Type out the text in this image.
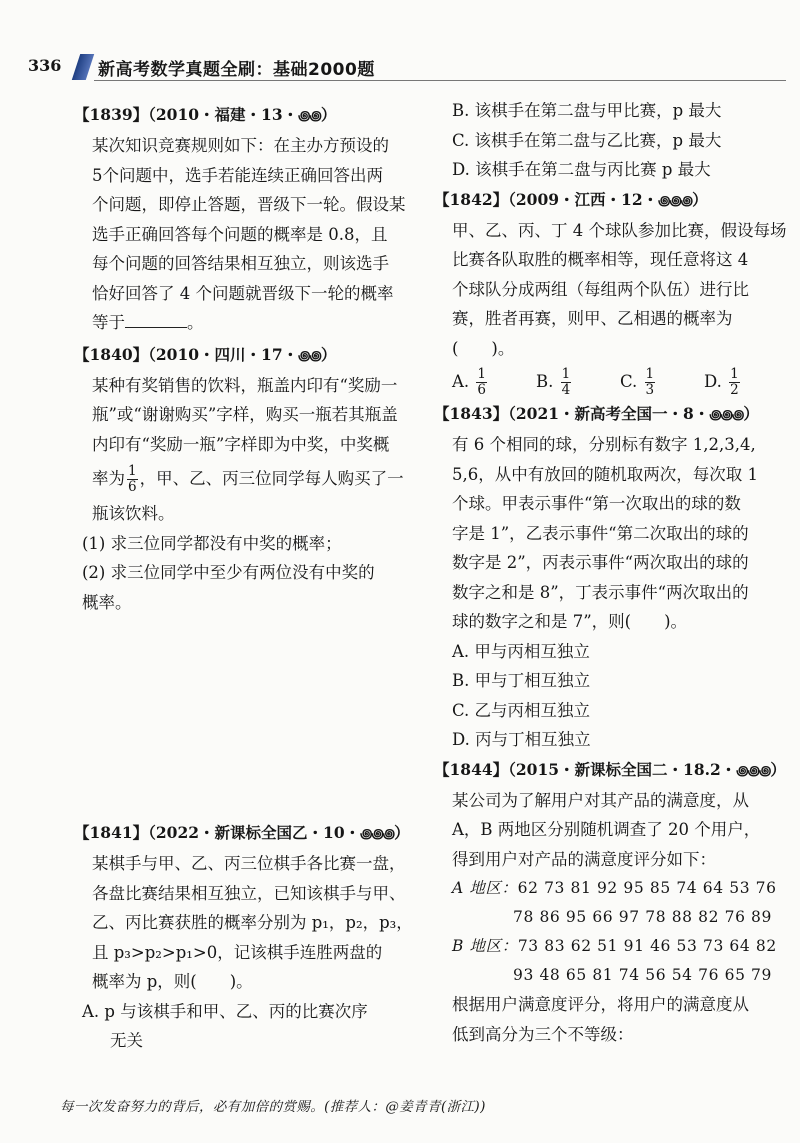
336 新高考数学真题全刷：基础2000题
【1839】（2010・福建・13・꩜꩜）
某次知识竞赛规则如下：在主办方预设的
5个问题中，选手若能连续正确回答出两
个问题，即停止答题，晋级下一轮。假设某
选手正确回答每个问题的概率是 0.8，且
每个问题的回答结果相互独立，则该选手
恰好回答了 4 个问题就晋级下一轮的概率
等于	。
【1840】（2010・四川・17・꩜꩜）
某种有奖销售的饮料，瓶盖内印有“奖励一
瓶”或“谢谢购买”字样，购买一瓶若其瓶盖
内印有“奖励一瓶”字样即为中奖，中奖概
率为 $\frac{1}{6}$ ，甲、乙、丙三位同学每人购买了一
瓶该饮料。
(1) 求三位同学都没有中奖的概率；
(2) 求三位同学中至少有两位没有中奖的
概率。
【1841】（2022・新课标全国乙・10・꩜꩜꩜）
某棋手与甲、乙、丙三位棋手各比赛一盘，
各盘比赛结果相互独立，已知该棋手与甲、
乙、丙比赛获胜的概率分别为 p₁，p₂，p₃，
且 p₃>p₂>p₁>0，记该棋手连胜两盘的
概率为 p，则(　　)。
A. p 与该棋手和甲、乙、丙的比赛次序
无关
B. 该棋手在第二盘与甲比赛，p 最大
C. 该棋手在第二盘与乙比赛，p 最大
D. 该棋手在第二盘与丙比赛 p 最大
【1842】（2009・江西・12・꩜꩜꩜）
甲、乙、丙、丁 4 个球队参加比赛，假设每场
比赛各队取胜的概率相等，现任意将这 4
个球队分成两组（每组两个队伍）进行比
赛，胜者再赛，则甲、乙相遇的概率为
(　　)。
A. $\frac{1}{6}$	B. $\frac{1}{4}$	C. $\frac{1}{3}$	D. $\frac{1}{2}$
【1843】（2021・新高考全国一・8・꩜꩜꩜）
有 6 个相同的球，分别标有数字 1,2,3,4,
5,6，从中有放回的随机取两次，每次取 1
个球。甲表示事件“第一次取出的球的数
字是 1”，乙表示事件“第二次取出的球的
数字是 2”，丙表示事件“两次取出的球的
数字之和是 8”，丁表示事件“两次取出的
球的数字之和是 7”，则(　　)。
A. 甲与丙相互独立
B. 甲与丁相互独立
C. 乙与丙相互独立
D. 丙与丁相互独立
【1844】（2015・新课标全国二・18.2・꩜꩜꩜）
某公司为了解用户对其产品的满意度，从
A，B 两地区分别随机调查了 20 个用户，
得到用户对产品的满意度评分如下：
A 地区：62 73 81 92 95 85 74 64 53 76
78 86 95 66 97 78 88 82 76 89
B 地区：73 83 62 51 91 46 53 73 64 82
93 48 65 81 74 56 54 76 65 79
根据用户满意度评分，将用户的满意度从
低到高分为三个不等级：
每一次发奋努力的背后，必有加倍的赏赐。(推荐人：@姜青青(浙江))
